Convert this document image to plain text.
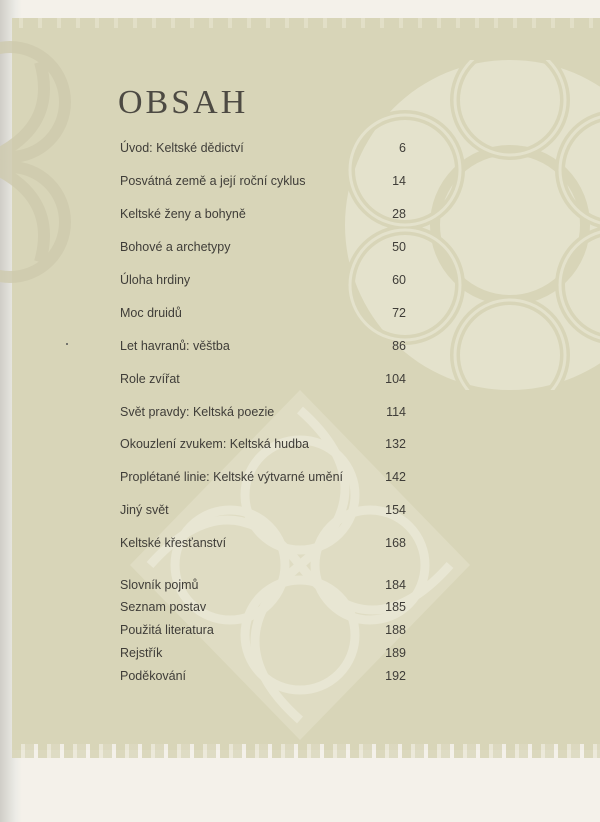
OBSAH
Úvod: Keltské dědictví	6
Posvátná země a její roční cyklus	14
Keltské ženy a bohyně	28
Bohové a archetypy	50
Úloha hrdiny	60
Moc druidů	72
Let havranů: věštba	86
Role zvířat	104
Svět pravdy: Keltská poezie	114
Okouzlení zvukem: Keltská hudba	132
Proplétané linie: Keltské výtvarné umění	142
Jiný svět	154
Keltské křesťanství	168
Slovník pojmů	184
Seznam postav	185
Použitá literatura	188
Rejstřík	189
Poděkování	192
